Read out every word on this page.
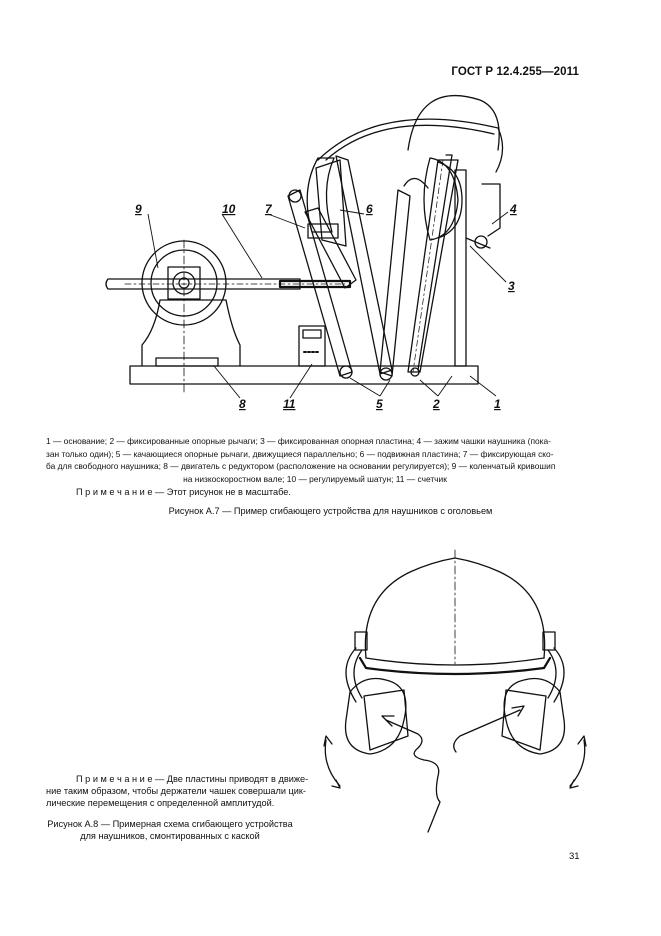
ГОСТ Р 12.4.255—2011
9	10 7	6	4
3
8	11	5	2	1
1 — основание; 2 — фиксированные опорные рычаги; 3 — фиксированная опорная пластина; 4 — зажим чашки наушника (пока-
зан только один); 5 — качающиеся опорные рычаги, движущиеся параллельно; 6 — подвижная пластина; 7 — фиксирующая ско-
ба для свободного наушника; 8 — двигатель с редуктором (расположение на основании регулируется); 9 — коленчатый кривошип
на низкоскоростном вале; 10 — регулируемый шатун; 11 — счетчик
П р и м е ч а н и е — Этот рисунок не в масштабе.
Рисунок А.7 — Пример сгибающего устройства для наушников с оголовьем
П р и м е ч а н и е — Две пластины приводят в движе-
ние таким образом, чтобы держатели чашек совершали цик-
лические перемещения с определенной амплитудой.
Рисунок А.8 — Примерная схема сгибающего устройства
для наушников, смонтированных с каской
31
